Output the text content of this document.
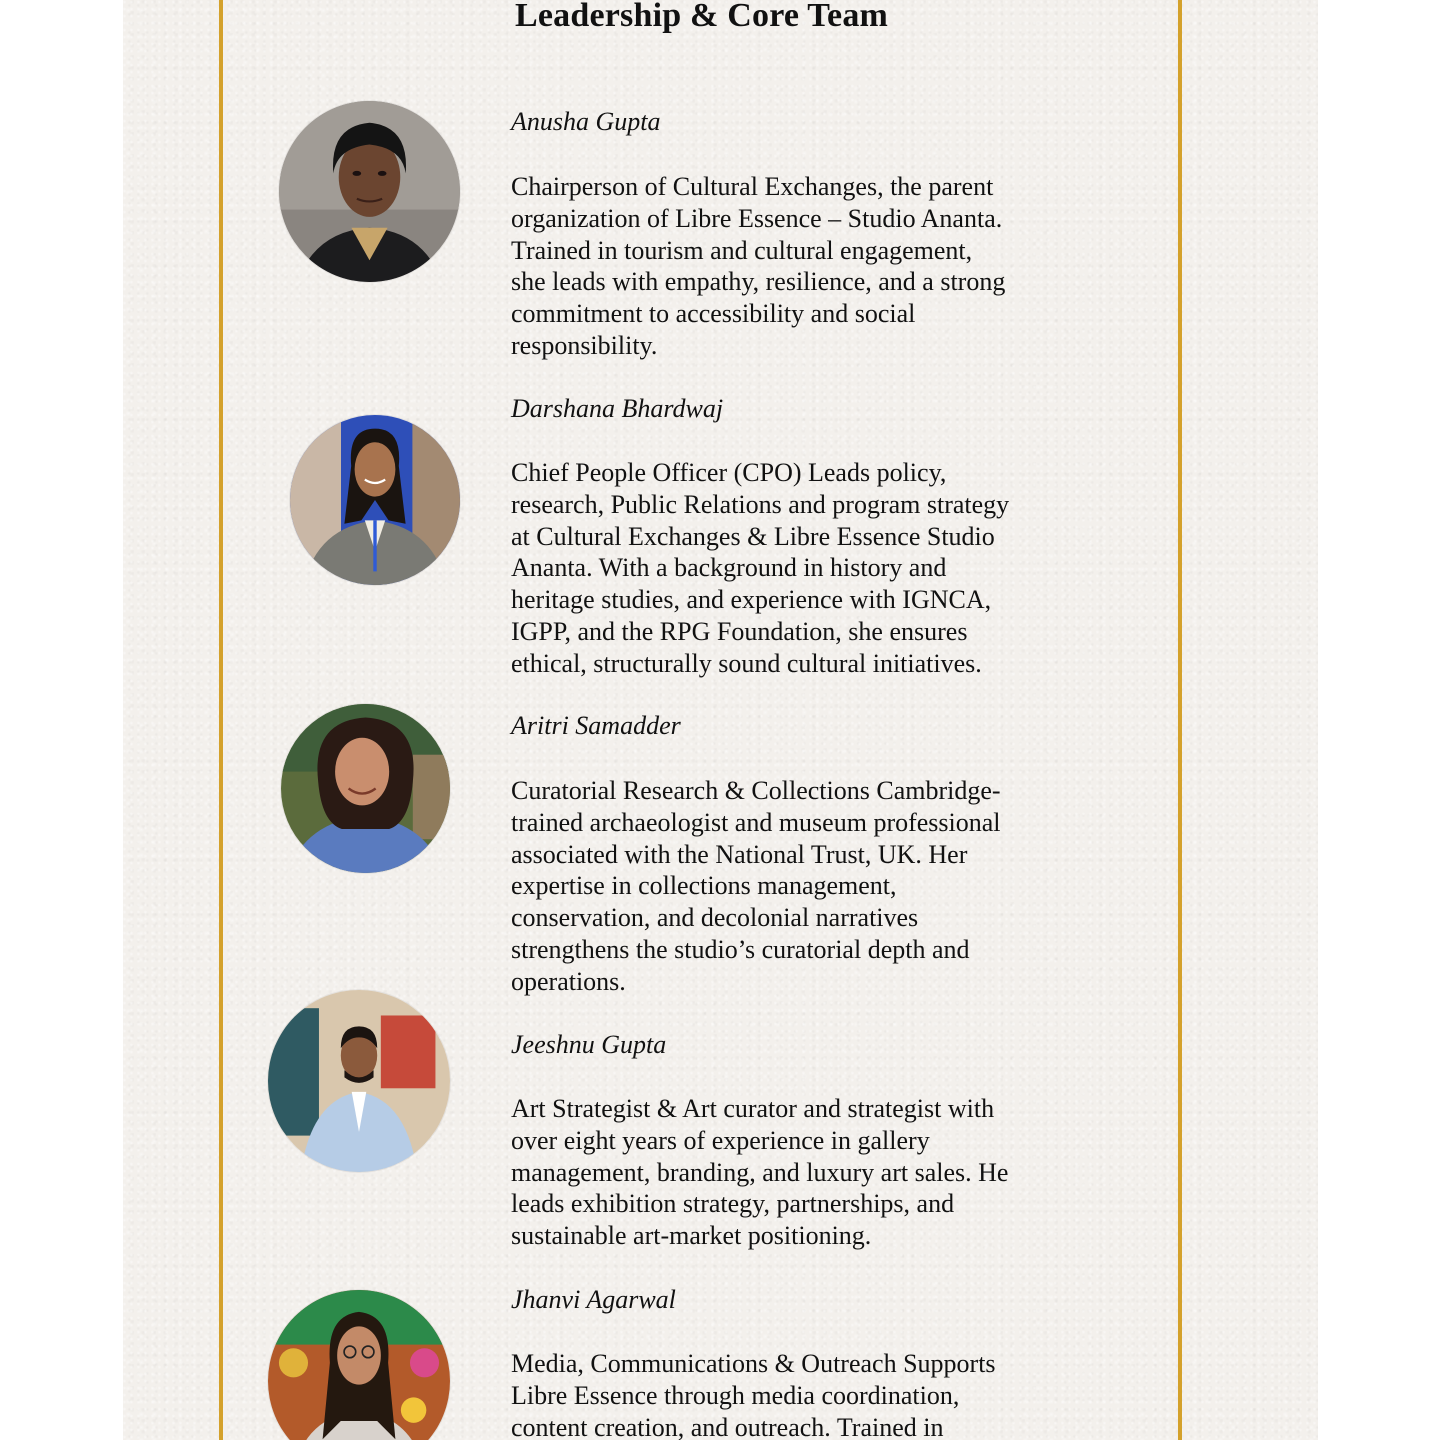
Leadership & Core Team
Anusha Gupta
Chairperson of Cultural Exchanges, the parent
organization of Libre Essence – Studio Ananta.
Trained in tourism and cultural engagement,
she leads with empathy, resilience, and a strong
commitment to accessibility and social
responsibility.
Darshana Bhardwaj
Chief People Officer (CPO) Leads policy,
research, Public Relations and program strategy
at Cultural Exchanges & Libre Essence Studio
Ananta. With a background in history and
heritage studies, and experience with IGNCA,
IGPP, and the RPG Foundation, she ensures
ethical, structurally sound cultural initiatives.
Aritri Samadder
Curatorial Research & Collections Cambridge-
trained archaeologist and museum professional
associated with the National Trust, UK. Her
expertise in collections management,
conservation, and decolonial narratives
strengthens the studio’s curatorial depth and
operations.
Jeeshnu Gupta
Art Strategist & Art curator and strategist with
over eight years of experience in gallery
management, branding, and luxury art sales. He
leads exhibition strategy, partnerships, and
sustainable art-market positioning.
Jhanvi Agarwal
Media, Communications & Outreach Supports
Libre Essence through media coordination,
content creation, and outreach. Trained in
